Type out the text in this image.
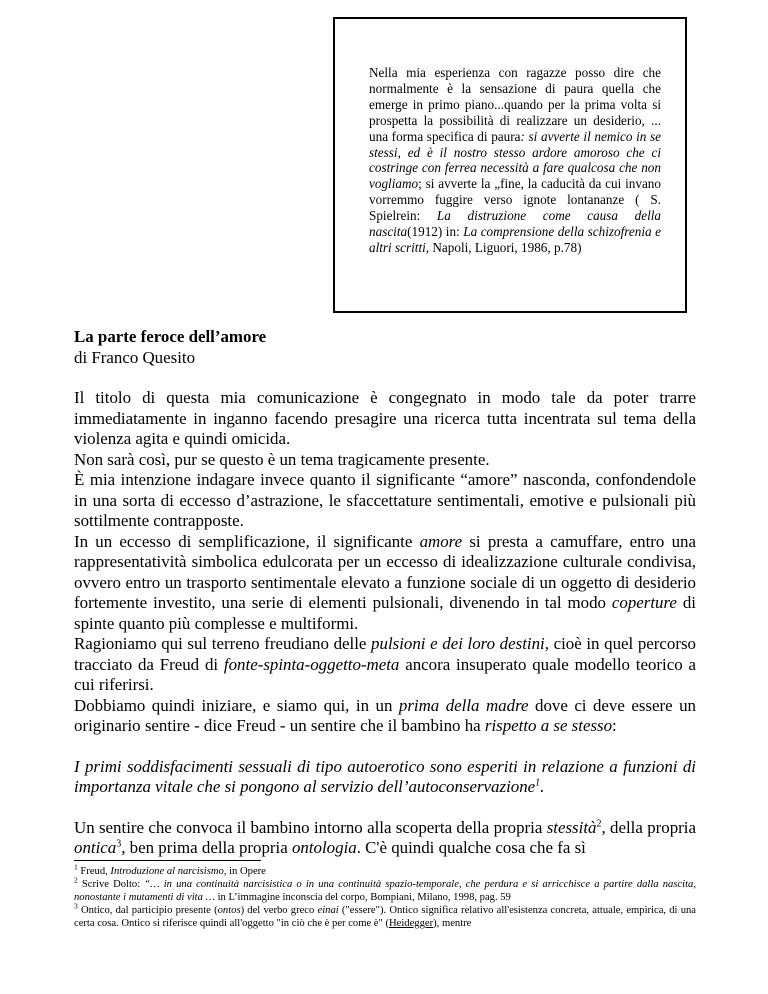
Nella mia esperienza con ragazze posso dire che normalmente è la sensazione di paura quella che emerge in primo piano...quando per la prima volta si prospetta la possibilità di realizzare un desiderio, ... una forma specifica di paura: si avverte il nemico in se stessi, ed è il nostro stesso ardore amoroso che ci costringe con ferrea necessità a fare qualcosa che non vogliamo; si avverte la „fine, la caducità da cui invano vorremmo fuggire verso ignote lontananze ( S. Spielrein: La distruzione come causa della nascita(1912) in: La comprensione della schizofrenia e altri scritti, Napoli, Liguori, 1986, p.78)

La parte feroce dell’amore

di Franco Quesito

Il titolo di questa mia comunicazione è congegnato in modo tale da poter trarre immediatamente in inganno facendo presagire una ricerca tutta incentrata sul tema della violenza agita e quindi omicida.

Non sarà così, pur se questo è un tema tragicamente presente.

È mia intenzione indagare invece quanto il significante “amore” nasconda, confondendole in una sorta di eccesso d’astrazione, le sfaccettature sentimentali, emotive e pulsionali più sottilmente contrapposte.

In un eccesso di semplificazione, il significante amore si presta a camuffare, entro una rappresentatività simbolica edulcorata per un eccesso di idealizzazione culturale condivisa, ovvero entro un trasporto sentimentale elevato a funzione sociale di un oggetto di desiderio fortemente investito, una serie di elementi pulsionali, divenendo in tal modo coperture di spinte quanto più complesse e multiformi.

Ragioniamo qui sul terreno freudiano delle pulsioni e dei loro destini, cioè in quel percorso tracciato da Freud di fonte-spinta-oggetto-meta ancora insuperato quale modello teorico a cui riferirsi.

Dobbiamo quindi iniziare, e siamo qui, in un prima della madre dove ci deve essere un originario sentire - dice Freud - un sentire che il bambino ha rispetto a se stesso:

I primi soddisfacimenti sessuali di tipo autoerotico sono esperiti in relazione a funzioni di importanza vitale che si pongono al servizio dell’autoconservazione$^1$.

Un sentire che convoca il bambino intorno alla scoperta della propria stessità$^2$, della propria ontica$^3$, ben prima della propria ontologia. C'è quindi qualche cosa che fa sì

$^1$ Freud, Introduzione al narcisismo, in Opere

$^2$ Scrive Dolto: “… in una continuità narcisistica o in una continuità spazio-temporale, che perdura e si arricchisce a partire dalla nascita, nonostante i mutamenti di vita … in L’immagine inconscia del corpo, Bompiani, Milano, 1998, pag. 59

$^3$ Ontico, dal participio presente (ontos) del verbo greco einai ("essere"). Ontico significa relativo all'esistenza concreta, attuale, empirica, di una certa cosa. Ontico si riferisce quindi all'oggetto "in ciò che è per come è" (Heidegger), mentre
